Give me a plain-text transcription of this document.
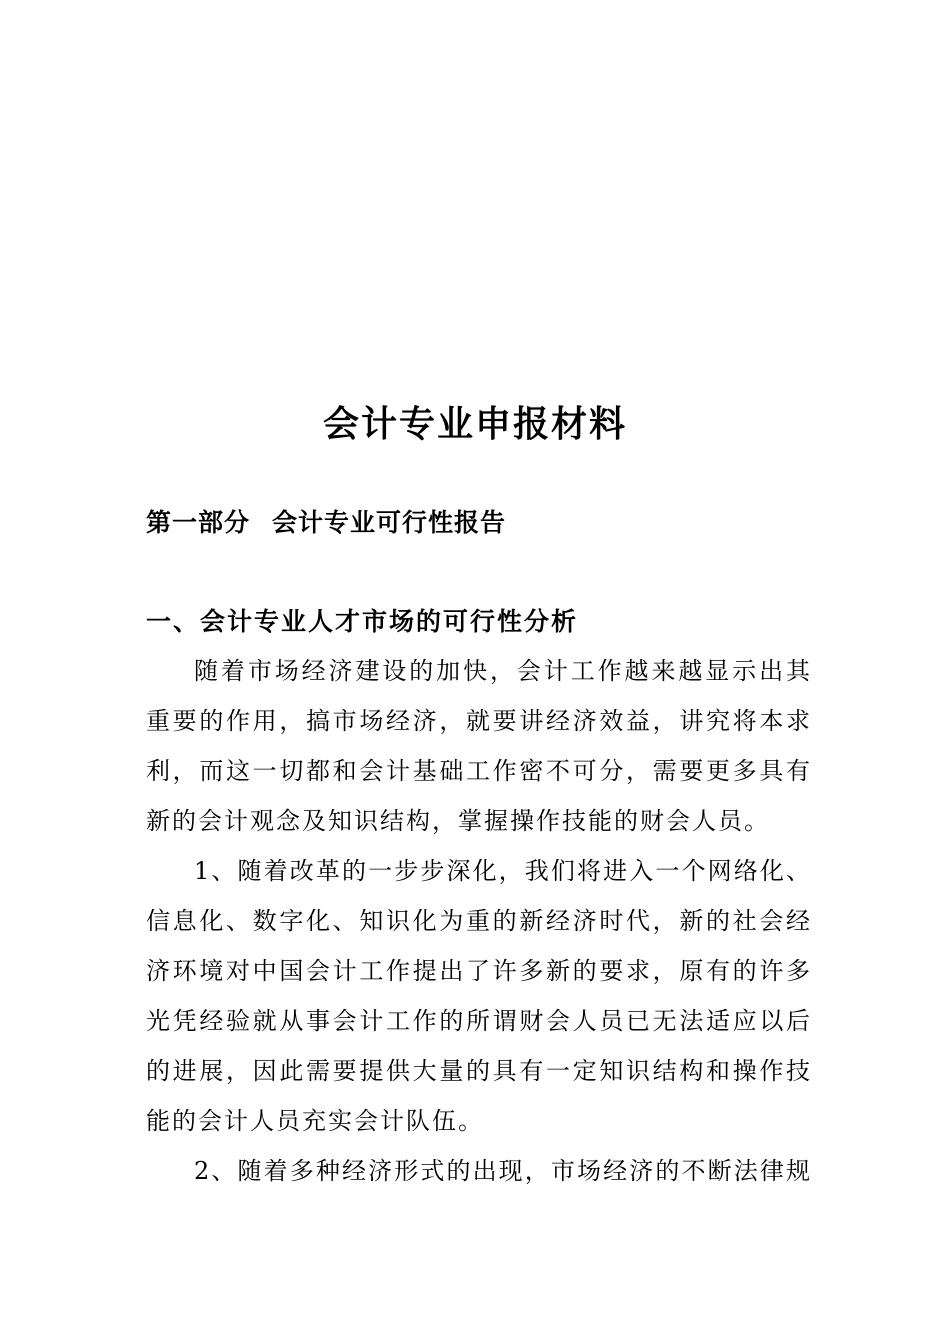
会计专业申报材料
第一部分 会计专业可行性报告
一、会计专业人才市场的可行性分析
随着市场经济建设的加快，会计工作越来越显示出其
重要的作用，搞市场经济，就要讲经济效益，讲究将本求
利，而这一切都和会计基础工作密不可分，需要更多具有
新的会计观念及知识结构，掌握操作技能的财会人员。
1、随着改革的一步步深化，我们将进入一个网络化、
信息化、数字化、知识化为重的新经济时代，新的社会经
济环境对中国会计工作提出了许多新的要求，原有的许多
光凭经验就从事会计工作的所谓财会人员已无法适应以后
的进展，因此需要提供大量的具有一定知识结构和操作技
能的会计人员充实会计队伍。
2、随着多种经济形式的出现，市场经济的不断法律规
